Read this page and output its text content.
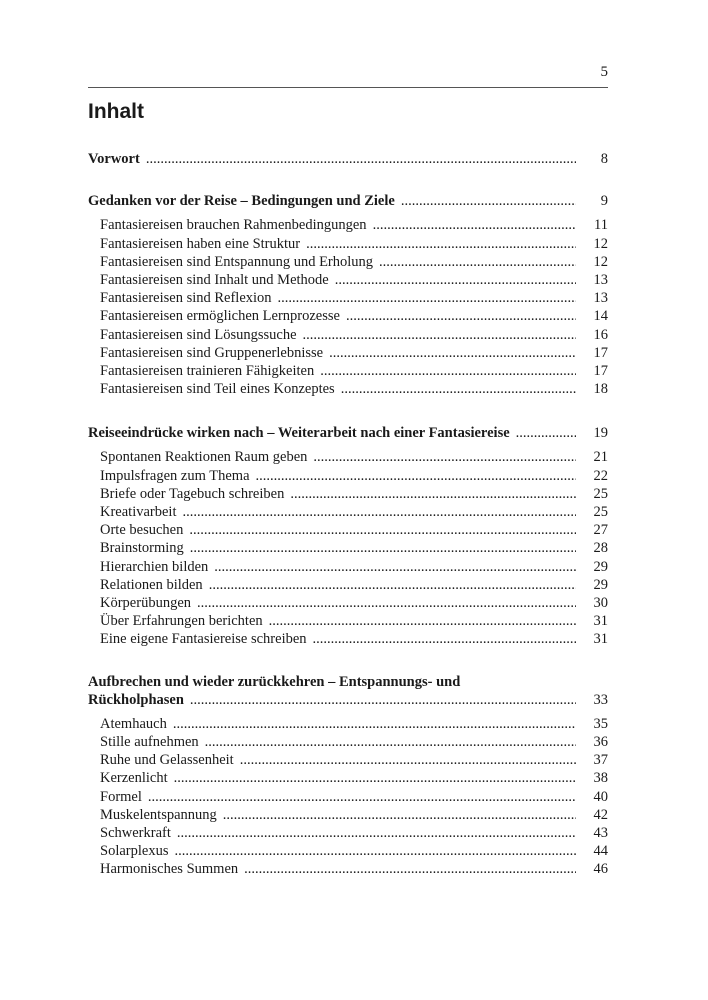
5
Inhalt
Vorwort .....	8
Gedanken vor der Reise – Bedingungen und Ziele .....	9
Fantasiereisen brauchen Rahmenbedingungen .....	11
Fantasiereisen haben eine Struktur .....	12
Fantasiereisen sind Entspannung und Erholung .....	12
Fantasiereisen sind Inhalt und Methode .....	13
Fantasiereisen sind Reflexion .....	13
Fantasiereisen ermöglichen Lernprozesse .....	14
Fantasiereisen sind Lösungssuche .....	16
Fantasiereisen sind Gruppenerlebnisse .....	17
Fantasiereisen trainieren Fähigkeiten .....	17
Fantasiereisen sind Teil eines Konzeptes .....	18
Reiseeindrücke wirken nach – Weiterarbeit nach einer Fantasiereise .....	19
Spontanen Reaktionen Raum geben .....	21
Impulsfragen zum Thema .....	22
Briefe oder Tagebuch schreiben .....	25
Kreativarbeit .....	25
Orte besuchen .....	27
Brainstorming .....	28
Hierarchien bilden .....	29
Relationen bilden .....	29
Körperübungen .....	30
Über Erfahrungen berichten .....	31
Eine eigene Fantasiereise schreiben .....	31
Aufbrechen und wieder zurückkehren – Entspannungs- und
Rückholphasen .....	33
Atemhauch .....	35
Stille aufnehmen .....	36
Ruhe und Gelassenheit .....	37
Kerzenlicht .....	38
Formel .....	40
Muskelentspannung .....	42
Schwerkraft .....	43
Solarplexus .....	44
Harmonisches Summen .....	46
